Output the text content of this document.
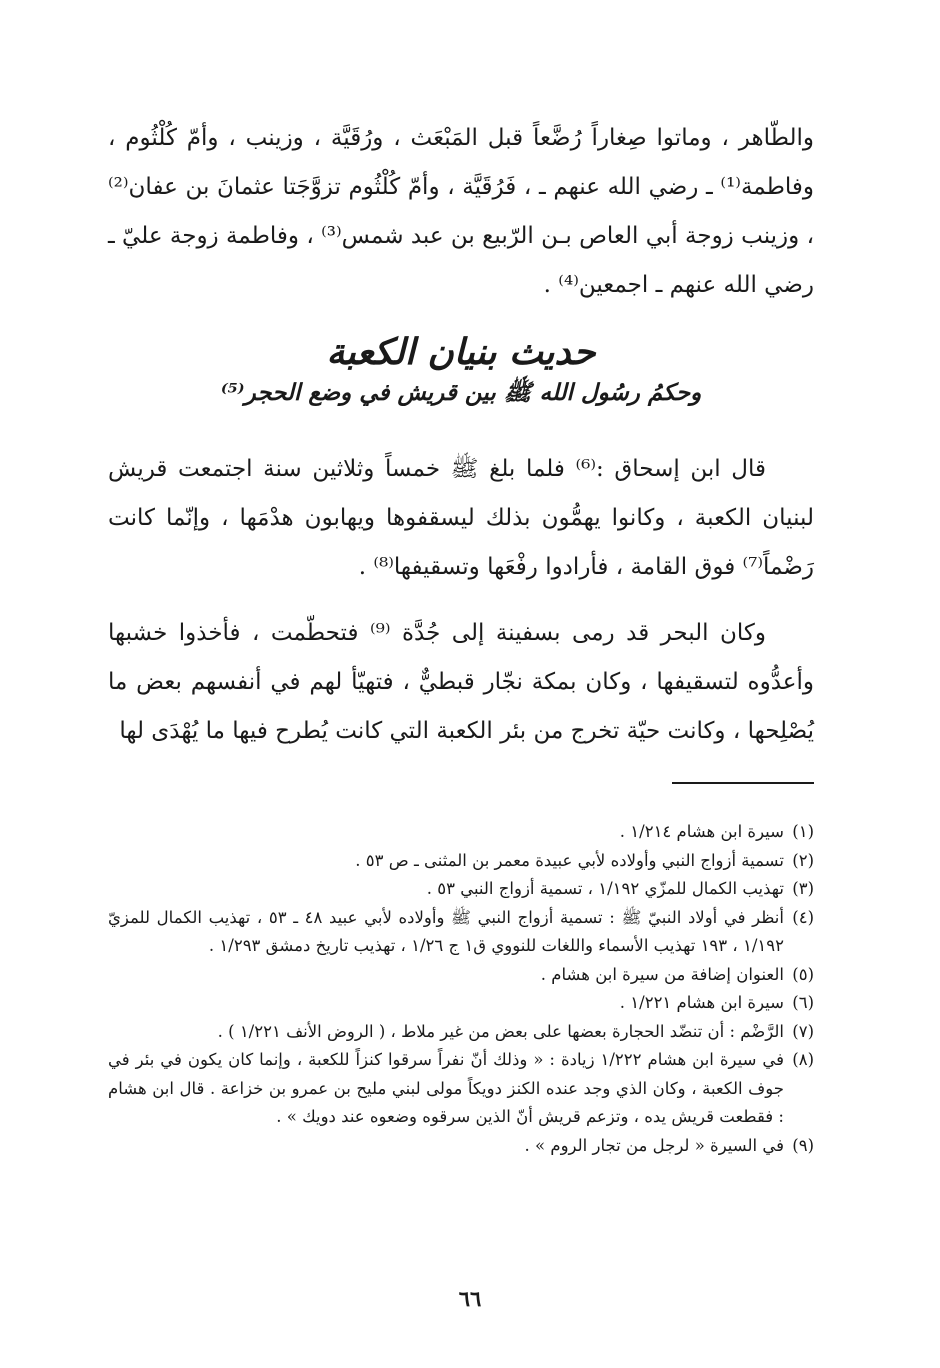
والطّاهر ، وماتوا صِغاراً رُضَّعاً قبل المَبْعَث ، ورُقَيَّة ، وزينب ، وأمّ كُلْثُوم ، وفاطمة⁽¹⁾ ـ رضي الله عنهم ـ ، فَرُقَيَّة ، وأمّ كُلْثُوم تزوَّجَتا عثمانَ بن عفان⁽²⁾ ، وزينب زوجة أبي العاص بـن الرّبيع بن عبد شمس⁽³⁾ ، وفاطمة زوجة عليّ ـ رضي الله عنهم ـ اجمعين⁽⁴⁾ .

حديث بنيان الكعبة

وحكمُ رسُول الله ﷺ بين قريش في وضع الحجر⁽⁵⁾

قال ابن إسحاق :⁽⁶⁾ فلما بلغ ﷺ خمساً وثلاثين سنة اجتمعت قريش لبنيان الكعبة ، وكانوا يهمُّون بذلك ليسقفوها ويهابون هدْمَها ، وإنّما كانت رَضْماً⁽⁷⁾ فوق القامة ، فأرادوا رفْعَها وتسقيفها⁽⁸⁾ .

وكان البحر قد رمى بسفينة إلى جُدَّة ⁽⁹⁾ فتحطّمت ، فأخذوا خشبها وأعدُّوه لتسقيفها ، وكان بمكة نجّار قبطيٌّ ، فتهيّأ لهم في أنفسهم بعض ما يُصْلِحها ، وكانت حيّة تخرج من بئر الكعبة التي كانت يُطرح فيها ما يُهْدَى لها

(١)
سيرة ابن هشام ١/٢١٤ .
(٢)
تسمية أزواج النبي وأولاده لأبي عبيدة معمر بن المثنى ـ ص ٥٣ .
(٣)
تهذيب الكمال للمزّي ١/١٩٢ ، تسمية أزواج النبي ٥٣ .
(٤)
أنظر في أولاد النبيّ ﷺ : تسمية أزواج النبي ﷺ وأولاده لأبي عبيد ٤٨ ـ ٥٣ ، تهذيب الكمال للمزيّ ١/١٩٢ ، ١٩٣ تهذيب الأسماء واللغات للنووي ق١ ج ١/٢٦ ، تهذيب تاريخ دمشق ١/٢٩٣ .
(٥)
العنوان إضافة من سيرة ابن هشام .
(٦)
سيرة ابن هشام ١/٢٢١ .
(٧)
الرَّضْم : أن تنضّد الحجارة بعضها على بعض من غير ملاط ، ( الروض الأنف ١/٢٢١ ) .
(٨)
في سيرة ابن هشام ١/٢٢٢ زيادة : « وذلك أنّ نفراً سرقوا كنزاً للكعبة ، وإنما كان يكون في بئر في جوف الكعبة ، وكان الذي وجد عنده الكنز دويكاً مولى لبني مليح بن عمرو بن خزاعة . قال ابن هشام : فقطعت قريش يده ، وتزعم قريش أنّ الذين سرقوه وضعوه عند دويك » .
(٩)
في السيرة « لرجل من تجار الروم » .
٦٦
